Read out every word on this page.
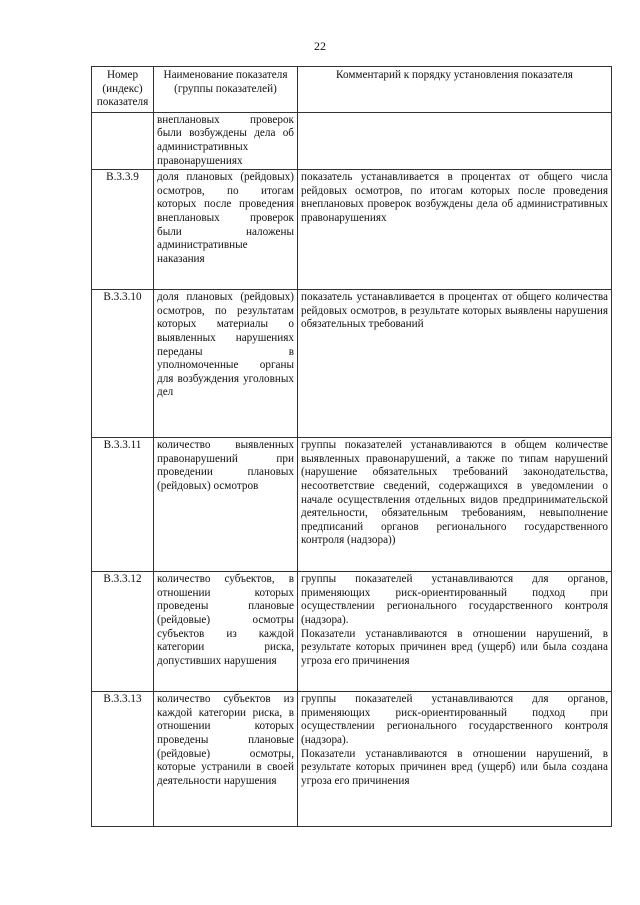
22
Номер (индекс) показателя	Наименование показателя (группы показателей)	Комментарий к порядку установления показателя
	внеплановых проверок были возбуждены дела об административных правонарушениях	

В.3.3.9	доля плановых (рейдовых) осмотров, по итогам которых после проведения внеплановых проверок были наложены административные наказания	показатель устанавливается в процентах от общего числа рейдовых осмотров, по итогам которых после проведения внеплановых проверок возбуждены дела об административных правонарушениях

В.3.3.10	доля плановых (рейдовых) осмотров, по результатам которых материалы о выявленных нарушениях переданы в уполномоченные органы для возбуждения уголовных дел	показатель устанавливается в процентах от общего количества рейдовых осмотров, в результате которых выявлены нарушения обязательных требований

В.3.3.11	количество выявленных правонарушений при проведении плановых (рейдовых) осмотров	группы показателей устанавливаются в общем количестве выявленных правонарушений, а также по типам нарушений (нарушение обязательных требований законодательства, несоответствие сведений, содержащихся в уведомлении о начале осуществления отдельных видов предпринимательской деятельности, обязательным требованиям, невыполнение предписаний органов регионального государственного контроля (надзора))

В.3.3.12	количество субъектов, в отношении которых проведены плановые (рейдовые) осмотры субъектов из каждой категории риска, допустивших нарушения	группы показателей устанавливаются для органов, применяющих риск-ориентированный подход при осуществлении регионального государственного контроля (надзора).
Показатели устанавливаются в отношении нарушений, в результате которых причинен вред (ущерб) или была создана угроза его причинения

В.3.3.13	количество субъектов из каждой категории риска, в отношении которых проведены плановые (рейдовые) осмотры, которые устранили в своей деятельности нарушения	группы показателей устанавливаются для органов, применяющих риск-ориентированный подход при осуществлении регионального государственного контроля (надзора).
Показатели устанавливаются в отношении нарушений, в результате которых причинен вред (ущерб) или была создана угроза его причинения
